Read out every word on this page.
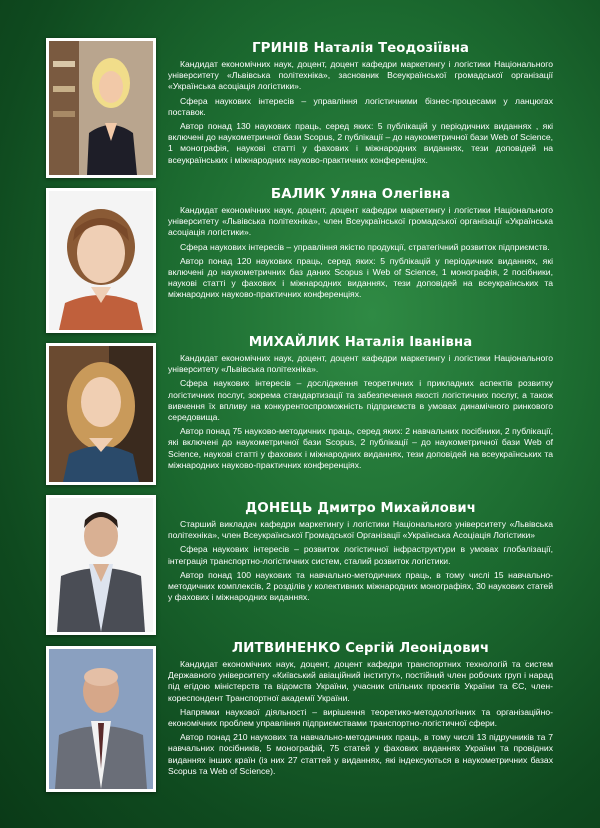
ГРИНІВ Наталія Теодозіївна

Кандидат економічних наук, доцент, доцент кафедри маркетингу і логістики Національного університету «Львівська політехніка», засновник Всеукраїнської громадської організації «Українська асоціація логістики».

Сфера наукових інтересів – управління логістичними бізнес-процесами у ланцюгах поставок.

Автор понад 130 наукових праць, серед яких: 5 публікацій у періодичних виданнях , які включені до наукометричної бази Scopus, 2 публікації – до наукометричної бази Web of Science, 1 монографія, наукові статті у фахових і міжнародних виданнях, тези доповідей на всеукраїнських і міжнародних науково-практичних конференціях.

БАЛИК Уляна Олегівна

Кандидат економічних наук, доцент, доцент кафедри маркетингу і логістики Національного університету «Львівська політехніка», член Всеукраїнської громадської організації «Українська асоціація логістики».

Сфера наукових інтересів – управління якістю продукції, стратегічний розвиток підприємств.

Автор понад 120 наукових праць, серед яких: 5 публікацій у періодичних виданнях, які включені до наукометричних баз даних Scopus і Web of Science, 1 монографія, 2 посібники, наукові статті у фахових і міжнародних виданнях, тези доповідей на всеукраїнських та міжнародних науково-практичних конференціях.

МИХАЙЛИК Наталія Іванівна

Кандидат економічних наук, доцент, доцент кафедри маркетингу і логістики Національного університету «Львівська політехніка».

Сфера наукових інтересів – дослідження теоретичних і прикладних аспектів розвитку логістичних послуг, зокрема стандартизації та забезпечення якості логістичних послуг, а також вивчення їх впливу на конкурентоспроможність підприємств в умовах динамічного ринкового середовища.

Автор понад 75 науково-методичних праць, серед яких: 2 навчальних посібники, 2 публікації, які включені до наукометричної бази Scopus, 2 публікації – до наукометричної бази Web of Science, наукові статті у фахових і міжнародних виданнях, тези доповідей на всеукраїнських та міжнародних науково-практичних конференціях.

ДОНЕЦЬ Дмитро Михайлович

Старший викладач кафедри маркетингу і логістики Національного університету «Львівська політехніка», член Всеукраїнської Громадської Організації «Українська Асоціація Логістики»

Сфера наукових інтересів – розвиток логістичної інфраструктури в умовах глобалізації, інтеграція транспортно-логістичних систем, сталий розвиток логістики.

Автор понад 100 наукових та навчально-методичних праць, в тому числі 15 навчально-методичних комплексів, 2 розділів у колективних міжнародних монографіях, 30 наукових статей у фахових і міжнародних виданнях.

ЛИТВИНЕНКО Сергій Леонідович

Кандидат економічних наук, доцент, доцент кафедри транспортних технологій та систем Державного університету «Київський авіаційний інститут», постійний член робочих груп і нарад під егідою міністерств та відомств України, учасник спільних проєктів України та ЄС, член-кореспондент Транспортної академії України.

Напрямки наукової діяльності – вирішення теоретико-методологічних та організаційно-економічних проблем управління підприємствами транспортно-логістичної сфери.

Автор понад 210 наукових та навчально-методичних праць, в тому числі 13 підручників та 7 навчальних посібників, 5 монографій, 75 статей у фахових виданнях України та провідних виданнях інших країн (із них 27 статтей у виданнях, які індексуються в наукометричних базах Scopus та Web of Science).
